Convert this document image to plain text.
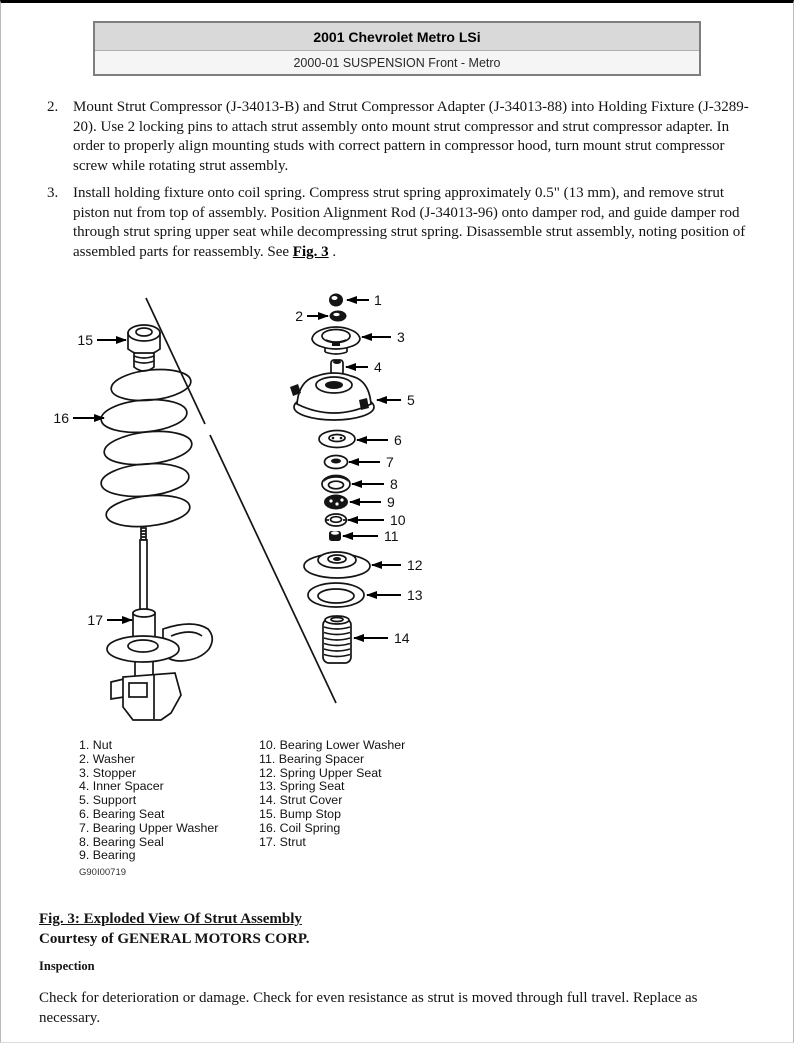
2001 Chevrolet Metro LSi
2000-01 SUSPENSION Front - Metro
2. Mount Strut Compressor (J-34013-B) and Strut Compressor Adapter (J-34013-88) into Holding Fixture (J-3289-20). Use 2 locking pins to attach strut assembly onto mount strut compressor and strut compressor adapter. In order to properly align mounting studs with correct pattern in compressor hood, turn mount strut compressor screw while rotating strut assembly.
3. Install holding fixture onto coil spring. Compress strut spring approximately 0.5" (13 mm), and remove strut piston nut from top of assembly. Position Alignment Rod (J-34013-96) onto damper rod, and guide damper rod through strut spring upper seat while decompressing strut spring. Disassemble strut assembly, noting position of assembled parts for reassembly. See Fig. 3 .
1
2
3
4
5
6
7
8
9
10
11
12
13
14
15
16
17
1. Nut
2. Washer
3. Stopper
4. Inner Spacer
5. Support
6. Bearing Seat
7. Bearing Upper Washer
8. Bearing Seal
9. Bearing
10. Bearing Lower Washer
11. Bearing Spacer
12. Spring Upper Seat
13. Spring Seat
14. Strut Cover
15. Bump Stop
16. Coil Spring
17. Strut
G90I00719
Fig. 3: Exploded View Of Strut Assembly
Courtesy of GENERAL MOTORS CORP.
Inspection
Check for deterioration or damage. Check for even resistance as strut is moved through full travel. Replace as necessary.
